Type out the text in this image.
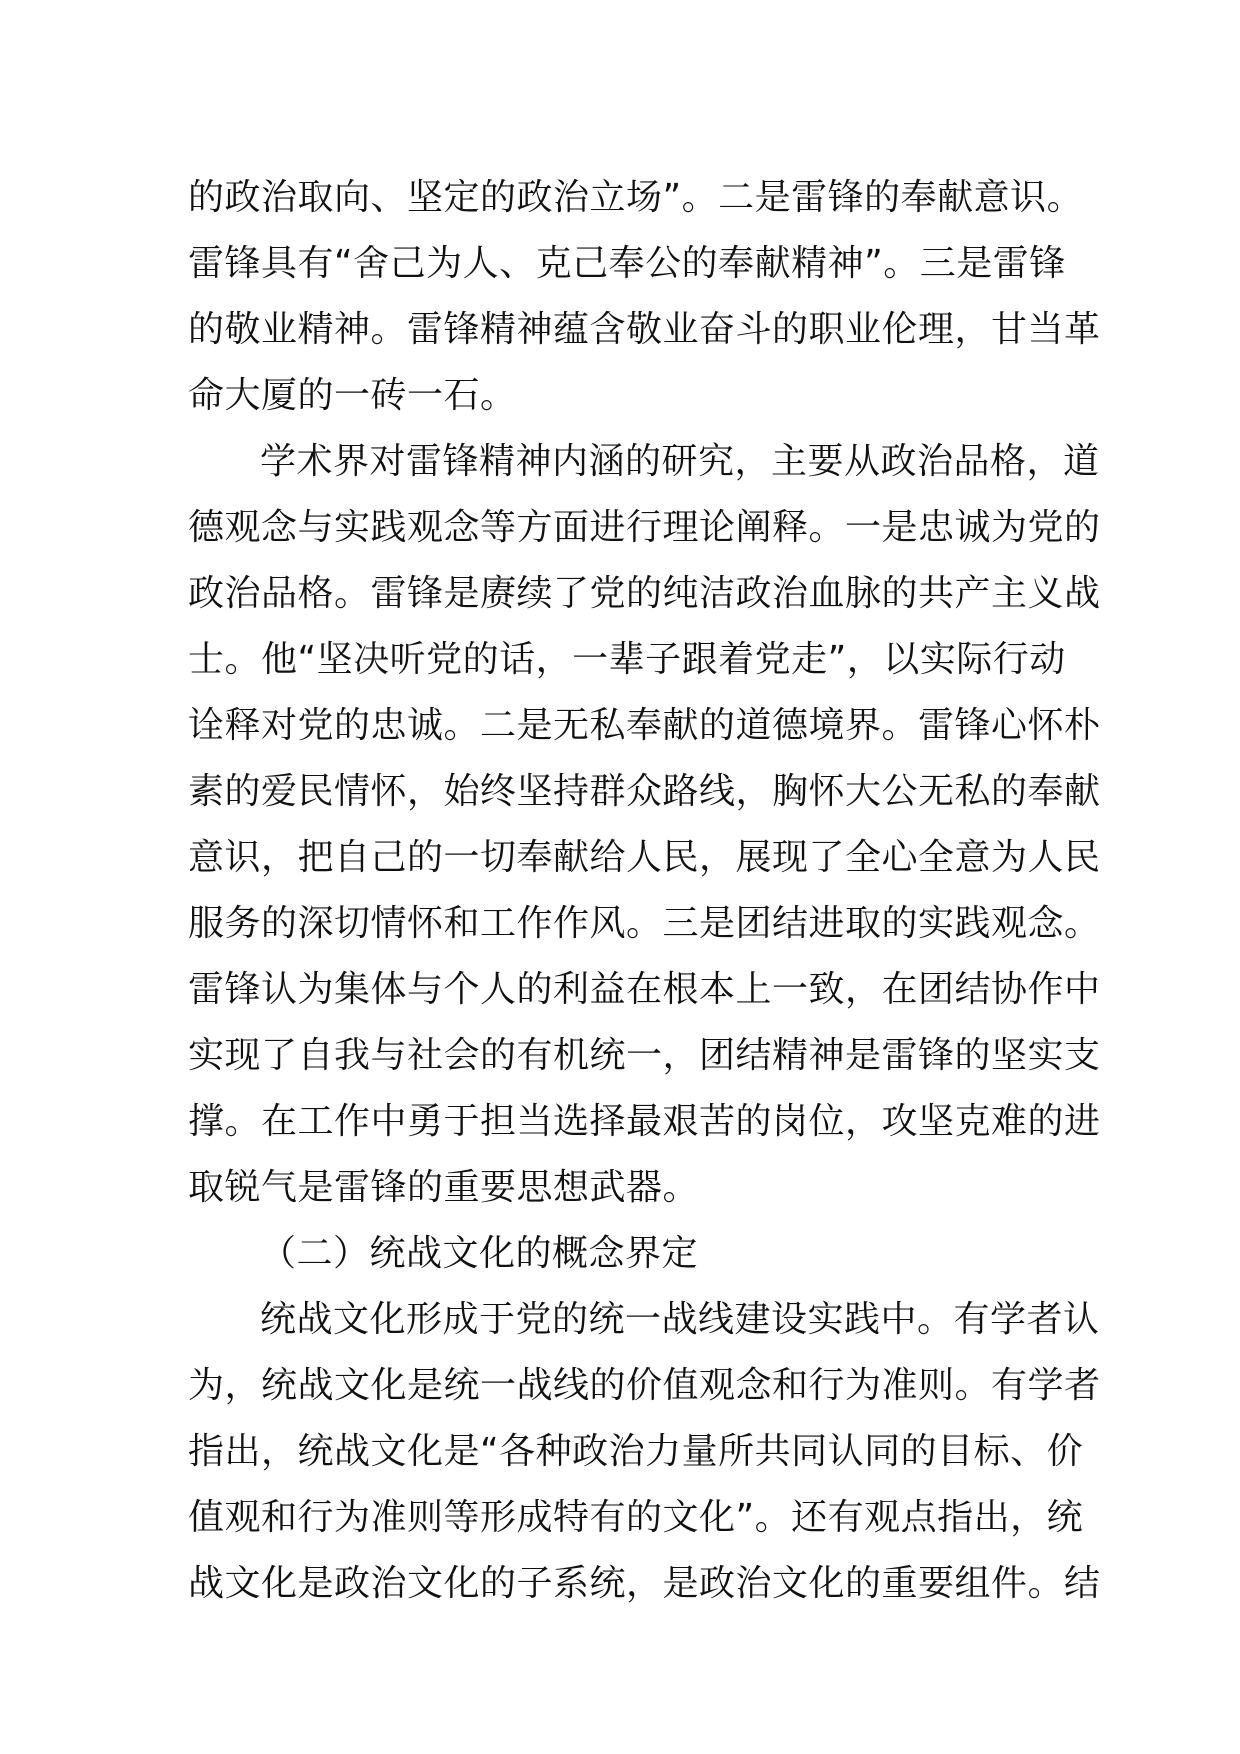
的政治取向、坚定的政治立场”。二是雷锋的奉献意识。
雷锋具有“舍己为人、克己奉公的奉献精神”。三是雷锋
的敬业精神。雷锋精神蕴含敬业奋斗的职业伦理，甘当革
命大厦的一砖一石。
学术界对雷锋精神内涵的研究，主要从政治品格，道
德观念与实践观念等方面进行理论阐释。一是忠诚为党的
政治品格。雷锋是赓续了党的纯洁政治血脉的共产主义战
士。他“坚决听党的话，一辈子跟着党走”，以实际行动
诠释对党的忠诚。二是无私奉献的道德境界。雷锋心怀朴
素的爱民情怀，始终坚持群众路线，胸怀大公无私的奉献
意识，把自己的一切奉献给人民，展现了全心全意为人民
服务的深切情怀和工作作风。三是团结进取的实践观念。
雷锋认为集体与个人的利益在根本上一致，在团结协作中
实现了自我与社会的有机统一，团结精神是雷锋的坚实支
撑。在工作中勇于担当选择最艰苦的岗位，攻坚克难的进
取锐气是雷锋的重要思想武器。
（二）统战文化的概念界定
统战文化形成于党的统一战线建设实践中。有学者认
为，统战文化是统一战线的价值观念和行为准则。有学者
指出，统战文化是“各种政治力量所共同认同的目标、价
值观和行为准则等形成特有的文化”。还有观点指出，统
战文化是政治文化的子系统，是政治文化的重要组件。结
